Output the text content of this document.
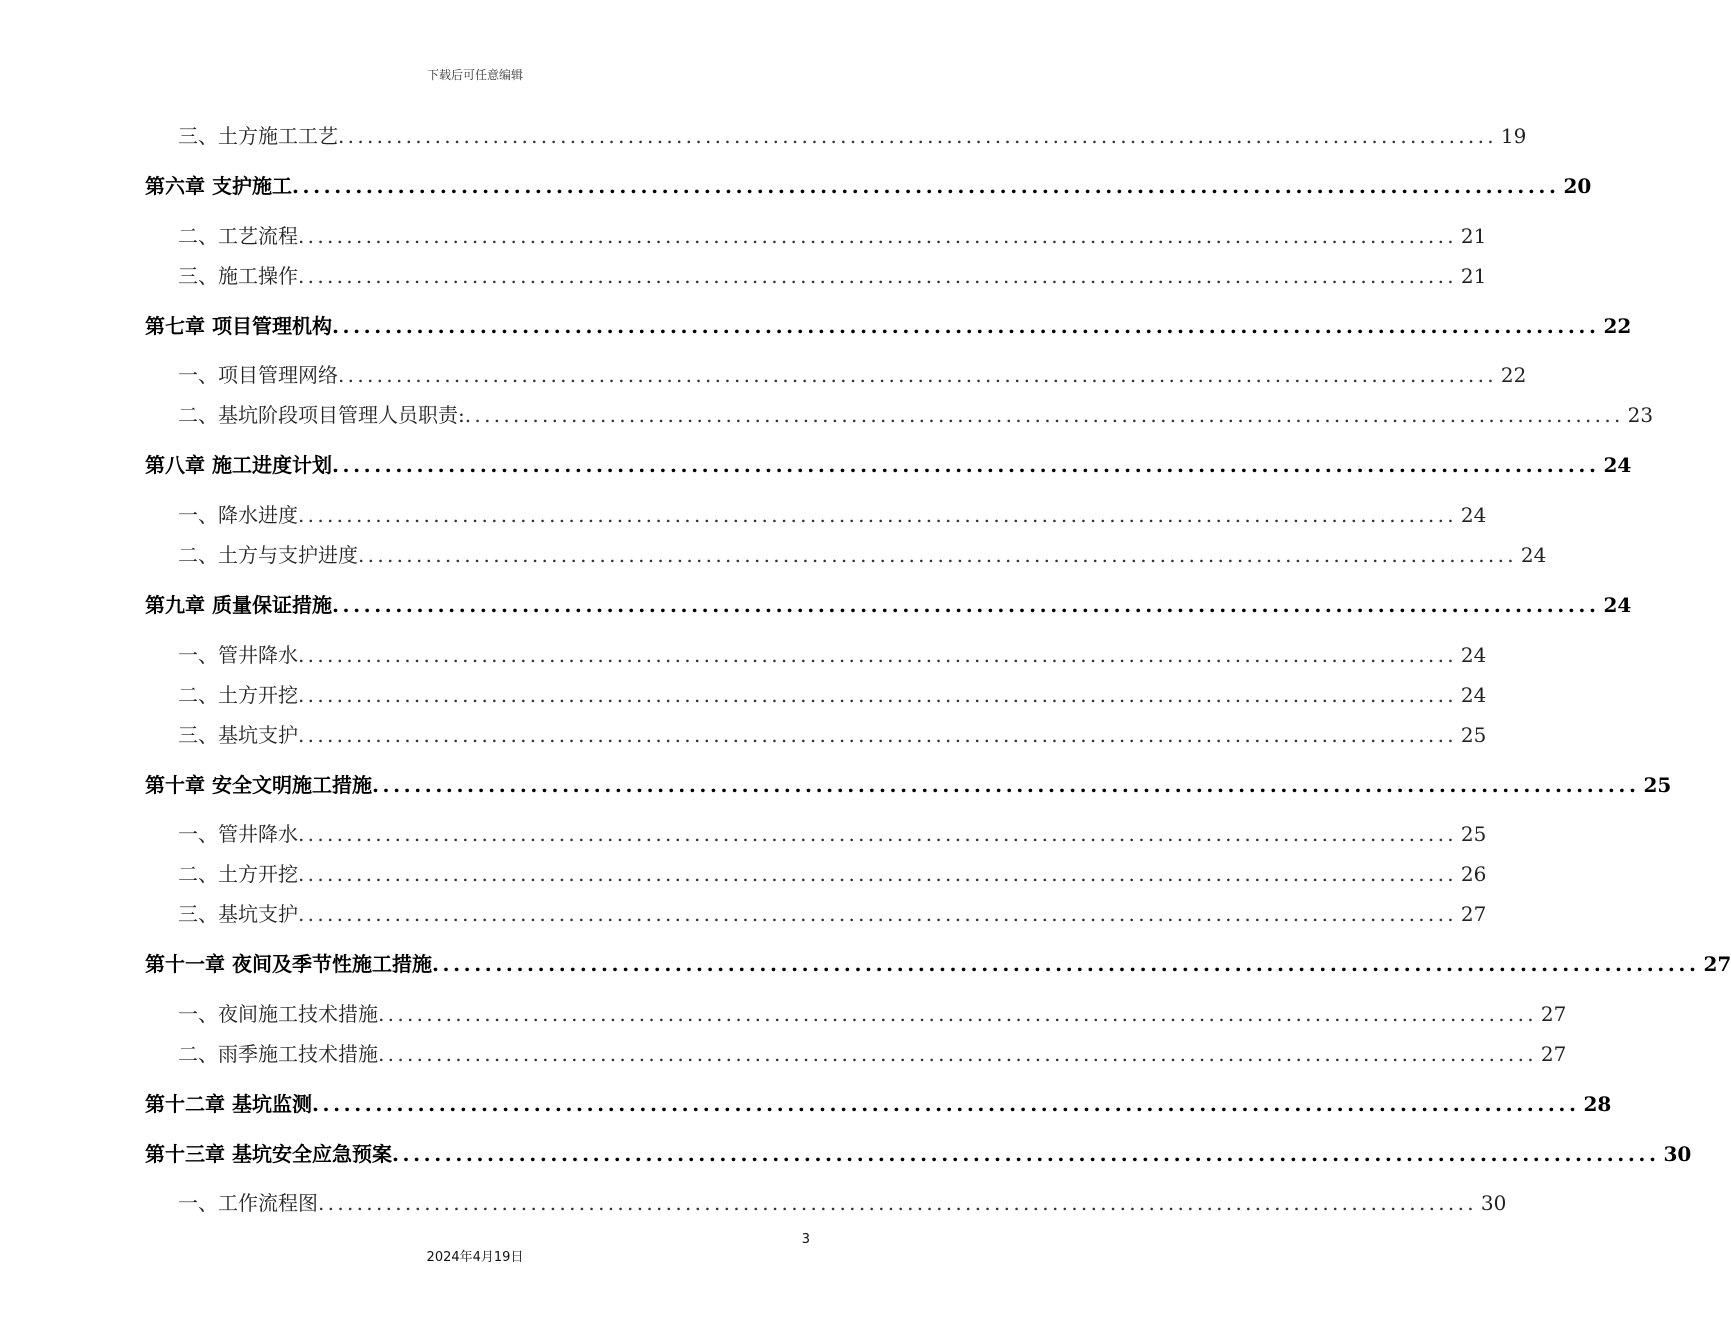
下载后可任意编辑
三、土方施工工艺 ........................................................................................................................ 19
第六章 支护施工 ........................................................................................................................ 20
二、工艺流程 ........................................................................................................................ 21
三、施工操作 ........................................................................................................................ 21
第七章 项目管理机构 ........................................................................................................................ 22
一、项目管理网络 ........................................................................................................................ 22
二、基坑阶段项目管理人员职责: ........................................................................................................................ 23
第八章 施工进度计划 ........................................................................................................................ 24
一、降水进度 ........................................................................................................................ 24
二、土方与支护进度 ........................................................................................................................ 24
第九章 质量保证措施 ........................................................................................................................ 24
一、管井降水 ........................................................................................................................ 24
二、土方开挖 ........................................................................................................................ 24
三、基坑支护 ........................................................................................................................ 25
第十章 安全文明施工措施 ........................................................................................................................ 25
一、管井降水 ........................................................................................................................ 25
二、土方开挖 ........................................................................................................................ 26
三、基坑支护 ........................................................................................................................ 27
第十一章 夜间及季节性施工措施 ........................................................................................................................ 27
一、夜间施工技术措施 ........................................................................................................................ 27
二、雨季施工技术措施 ........................................................................................................................ 27
第十二章 基坑监测 ........................................................................................................................ 28
第十三章 基坑安全应急预案 ........................................................................................................................ 30
一、工作流程图 ........................................................................................................................ 30
3
2024年4月19日
